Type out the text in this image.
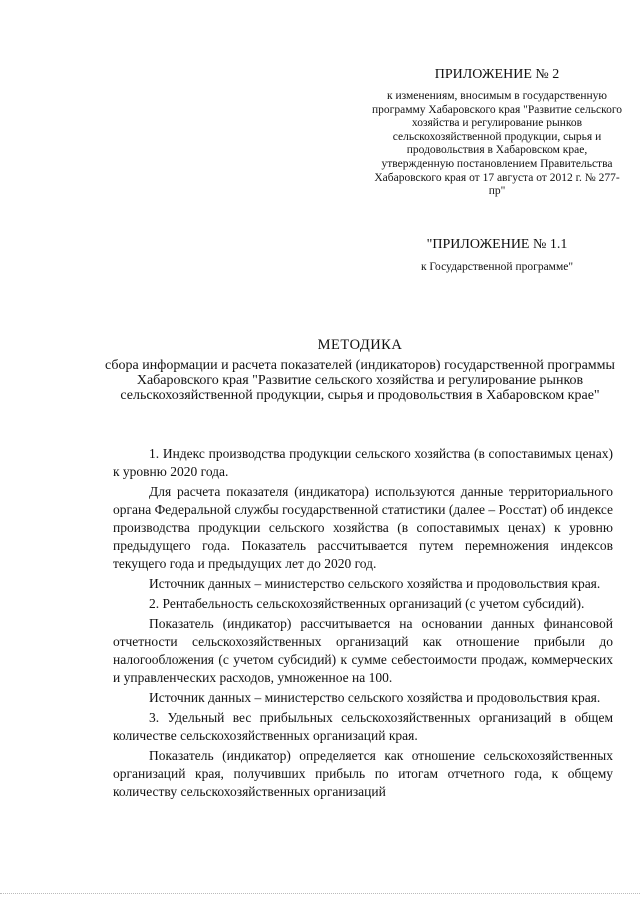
ПРИЛОЖЕНИЕ № 2
к изменениям, вносимым в государственную программу Хабаровского края "Развитие сельского хозяйства и регулирование рынков сельскохозяйственной продукции, сырья и продовольствия в Хабаровском крае, утвержденную постановлением Правительства Хабаровского края от 17 августа от 2012 г. № 277-пр"
"ПРИЛОЖЕНИЕ № 1.1
к Государственной программе"
МЕТОДИКА
сбора информации и расчета показателей (индикаторов) государственной программы Хабаровского края "Развитие сельского хозяйства и регулирование рынков сельскохозяйственной продукции, сырья и продовольствия в Хабаровском крае"

1. Индекс производства продукции сельского хозяйства (в сопоставимых ценах) к уровню 2020 года.

Для расчета показателя (индикатора) используются данные территориального органа Федеральной службы государственной статистики (далее – Росстат) об индексе производства продукции сельского хозяйства (в сопоставимых ценах) к уровню предыдущего года. Показатель рассчитывается путем перемножения индексов текущего года и предыдущих лет до 2020 год.

Источник данных – министерство сельского хозяйства и продовольствия края.

2. Рентабельность сельскохозяйственных организаций (с учетом субсидий).

Показатель (индикатор) рассчитывается на основании данных финансовой отчетности сельскохозяйственных организаций как отношение прибыли до налогообложения (с учетом субсидий) к сумме себестоимости продаж, коммерческих и управленческих расходов, умноженное на 100.

Источник данных – министерство сельского хозяйства и продовольствия края.

3. Удельный вес прибыльных сельскохозяйственных организаций в общем количестве сельскохозяйственных организаций края.

Показатель (индикатор) определяется как отношение сельскохозяйственных организаций края, получивших прибыль по итогам отчетного года, к общему количеству сельскохозяйственных организаций
